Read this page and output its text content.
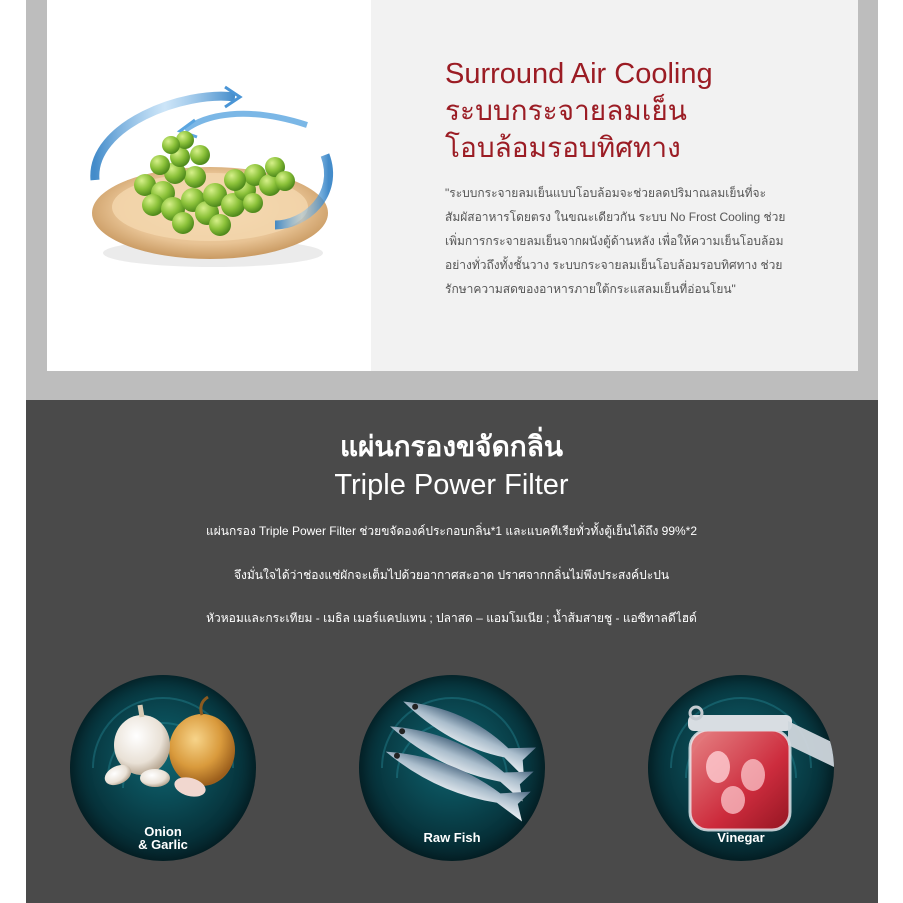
Surround Air Cooling
ระบบกระจายลมเย็น
โอบล้อมรอบทิศทาง

"ระบบกระจายลมเย็นแบบโอบล้อมจะช่วยลดปริมาณลมเย็นที่จะสัมผัสอาหารโดยตรง ในขณะเดียวกัน ระบบ No Frost Cooling ช่วยเพิ่มการกระจายลมเย็นจากผนังตู้ด้านหลัง เพื่อให้ความเย็นโอบล้อมอย่างทั่วถึงทั้งชั้นวาง ระบบกระจายลมเย็นโอบล้อมรอบทิศทาง ช่วยรักษาความสดของอาหารภายใต้กระแสลมเย็นที่อ่อนโยน"

แผ่นกรองขจัดกลิ่น
Triple Power Filter

แผ่นกรอง Triple Power Filter ช่วยขจัดองค์ประกอบกลิ่น*1 และแบคทีเรียทั่วทั้งตู้เย็นได้ถึง 99%*2

จึงมั่นใจได้ว่าช่องแช่ผักจะเต็มไปด้วยอากาศสะอาด ปราศจากกลิ่นไม่พึงประสงค์ปะปน

หัวหอมและกระเทียม - เมธิล เมอร์แคปแทน ; ปลาสด – แอมโมเนีย ; น้ำส้มสายชู - แอซีทาลดีไฮด์

Onion
& Garlic	Raw Fish	Vinegar
